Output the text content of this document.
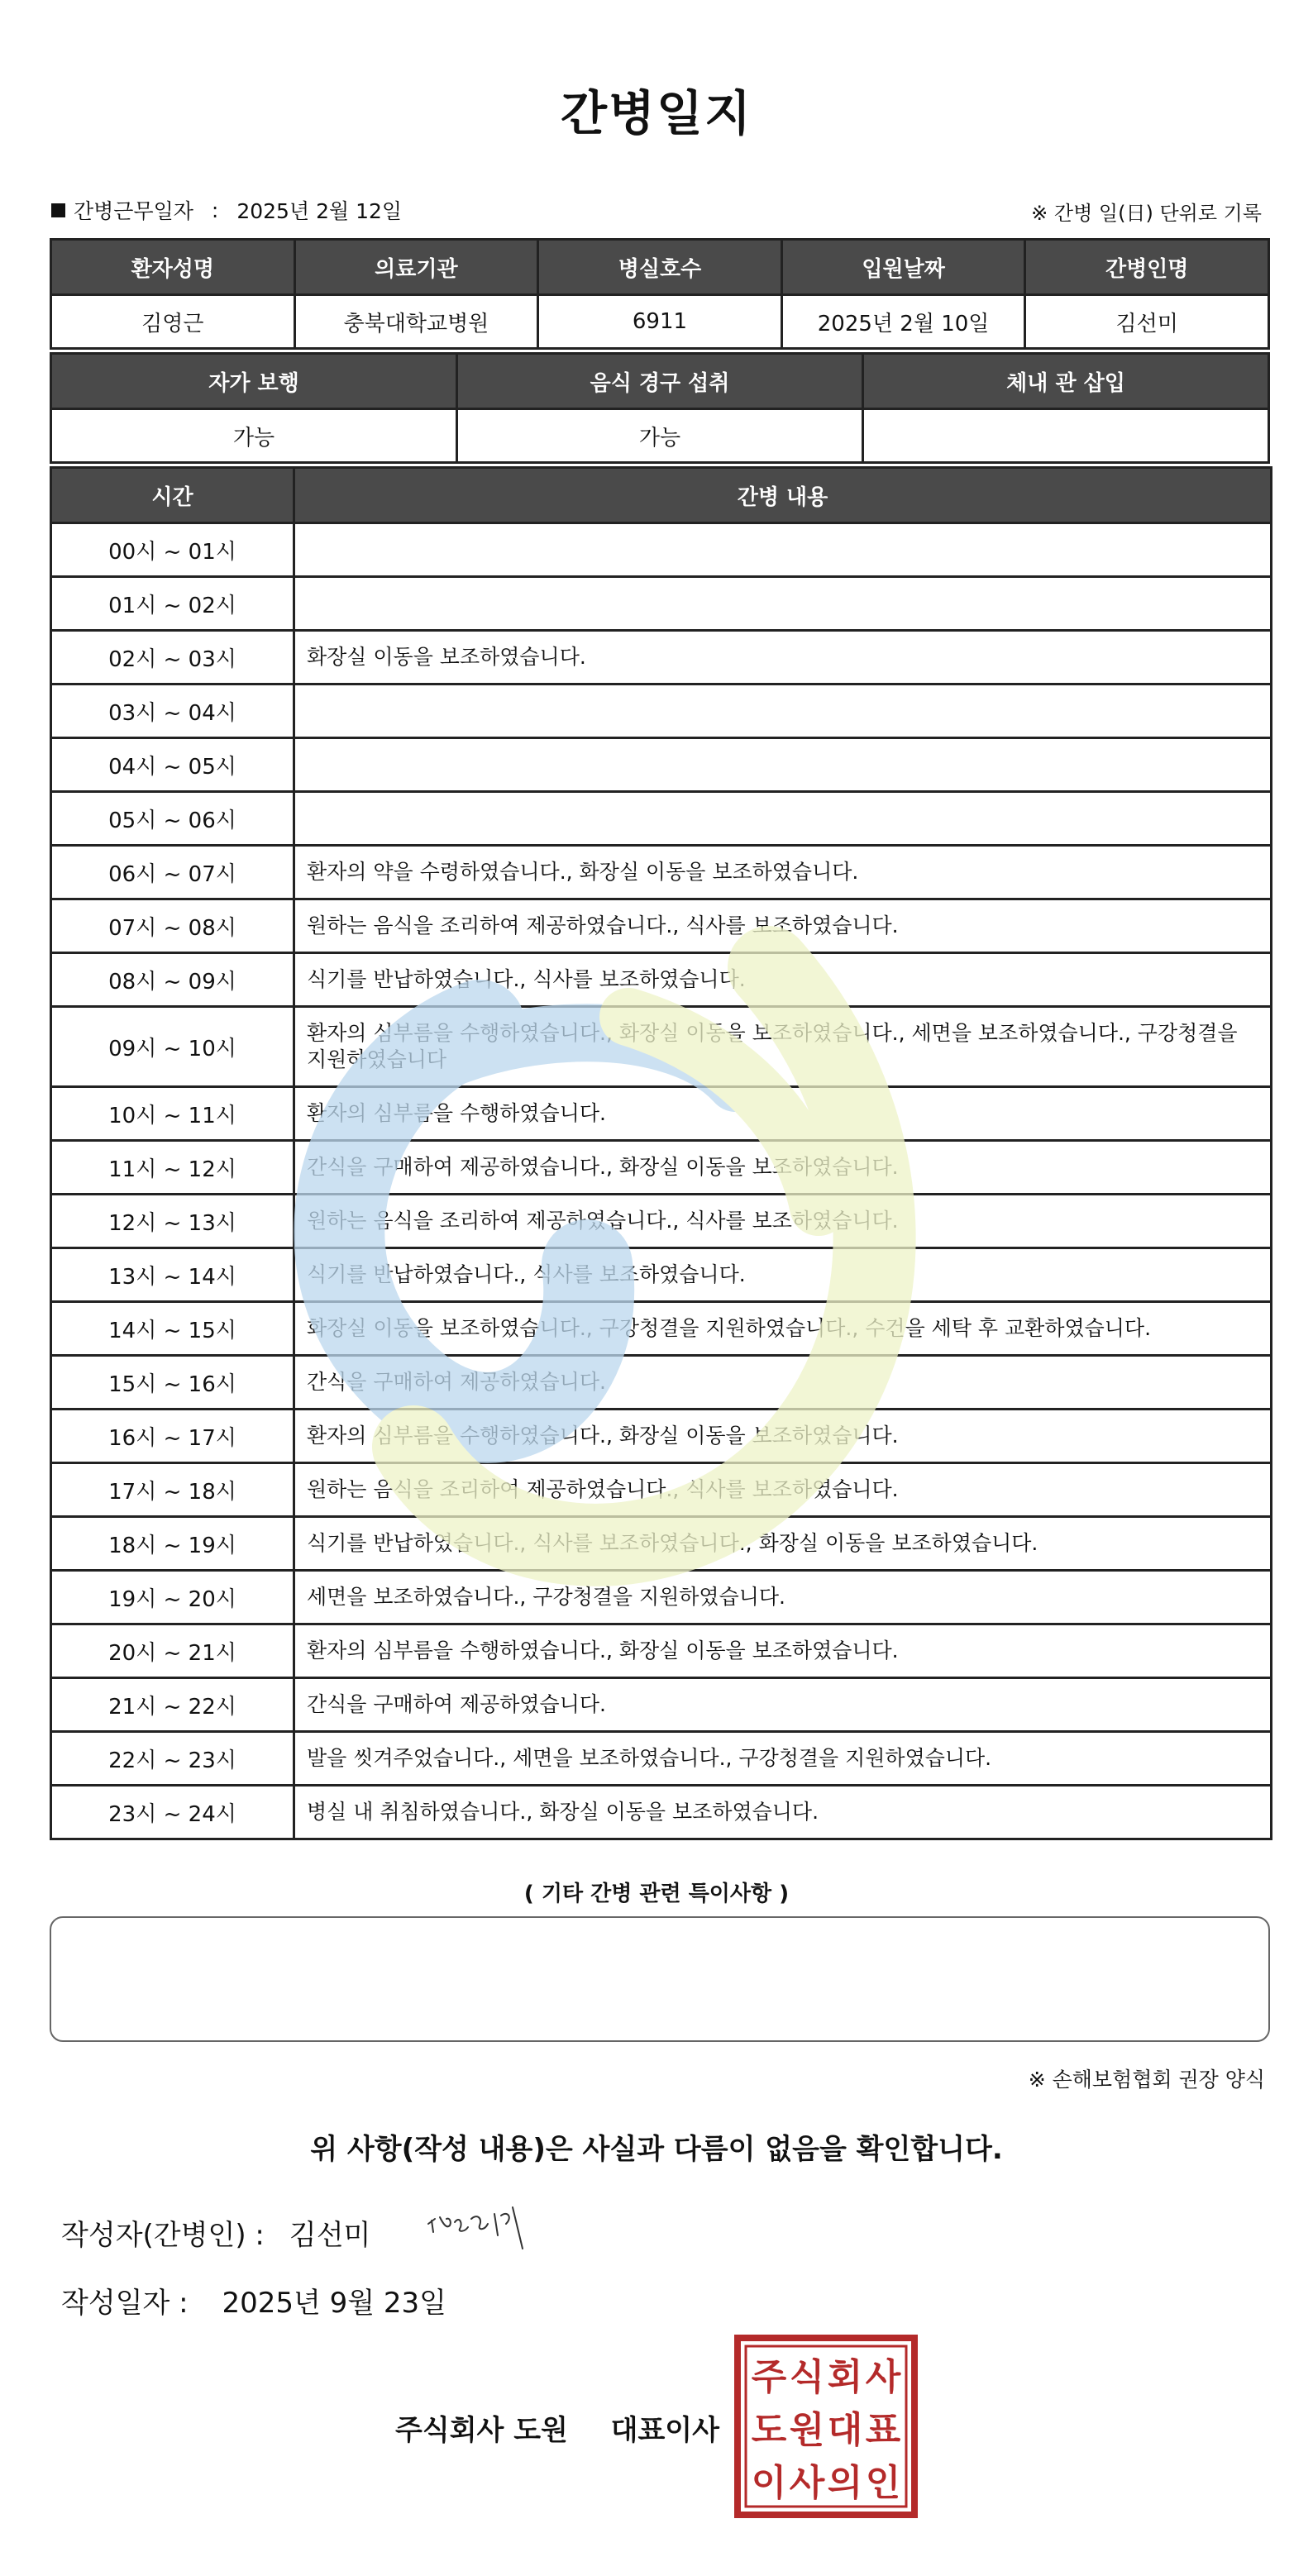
간병일지
간병근무일자 : 2025년 2월 12일	※ 간병 일(日) 단위로 기록
환자성명	의료기관	병실호수	입원날짜	간병인명
김영근	충북대학교병원	6911	2025년 2월 10일	김선미
자가 보행	음식 경구 섭취	체내 관 삽입
가능	가능	
시간	간병 내용
00시 ~ 01시	
01시 ~ 02시	
02시 ~ 03시	화장실 이동을 보조하였습니다.
03시 ~ 04시	
04시 ~ 05시	
05시 ~ 06시	
06시 ~ 07시	환자의 약을 수령하였습니다., 화장실 이동을 보조하였습니다.
07시 ~ 08시	원하는 음식을 조리하여 제공하였습니다., 식사를 보조하였습니다.
08시 ~ 09시	식기를 반납하였습니다., 식사를 보조하였습니다.
09시 ~ 10시	환자의 심부름을 수행하였습니다., 화장실 이동을 보조하였습니다., 세면을 보조하였습니다., 구강청결을 지원하였습니다
10시 ~ 11시	환자의 심부름을 수행하였습니다.
11시 ~ 12시	간식을 구매하여 제공하였습니다., 화장실 이동을 보조하였습니다.
12시 ~ 13시	원하는 음식을 조리하여 제공하였습니다., 식사를 보조하였습니다.
13시 ~ 14시	식기를 반납하였습니다., 식사를 보조하였습니다.
14시 ~ 15시	화장실 이동을 보조하였습니다., 구강청결을 지원하였습니다., 수건을 세탁 후 교환하였습니다.
15시 ~ 16시	간식을 구매하여 제공하였습니다.
16시 ~ 17시	환자의 심부름을 수행하였습니다., 화장실 이동을 보조하였습니다.
17시 ~ 18시	원하는 음식을 조리하여 제공하였습니다., 식사를 보조하였습니다.
18시 ~ 19시	식기를 반납하였습니다., 식사를 보조하였습니다., 화장실 이동을 보조하였습니다.
19시 ~ 20시	세면을 보조하였습니다., 구강청결을 지원하였습니다.
20시 ~ 21시	환자의 심부름을 수행하였습니다., 화장실 이동을 보조하였습니다.
21시 ~ 22시	간식을 구매하여 제공하였습니다.
22시 ~ 23시	발을 씻겨주었습니다., 세면을 보조하였습니다., 구강청결을 지원하였습니다.
23시 ~ 24시	병실 내 취침하였습니다., 화장실 이동을 보조하였습니다.
( 기타 간병 관련 특이사항 )
※ 손해보험협회 권장 양식
위 사항(작성 내용)은 사실과 다름이 없음을 확인합니다.
작성자(간병인) : 김선미
작성일자 : 2025년 9월 23일
주식회사 도원 대표이사
주 식 회 사
도 원 대 표
이 사 의 인
